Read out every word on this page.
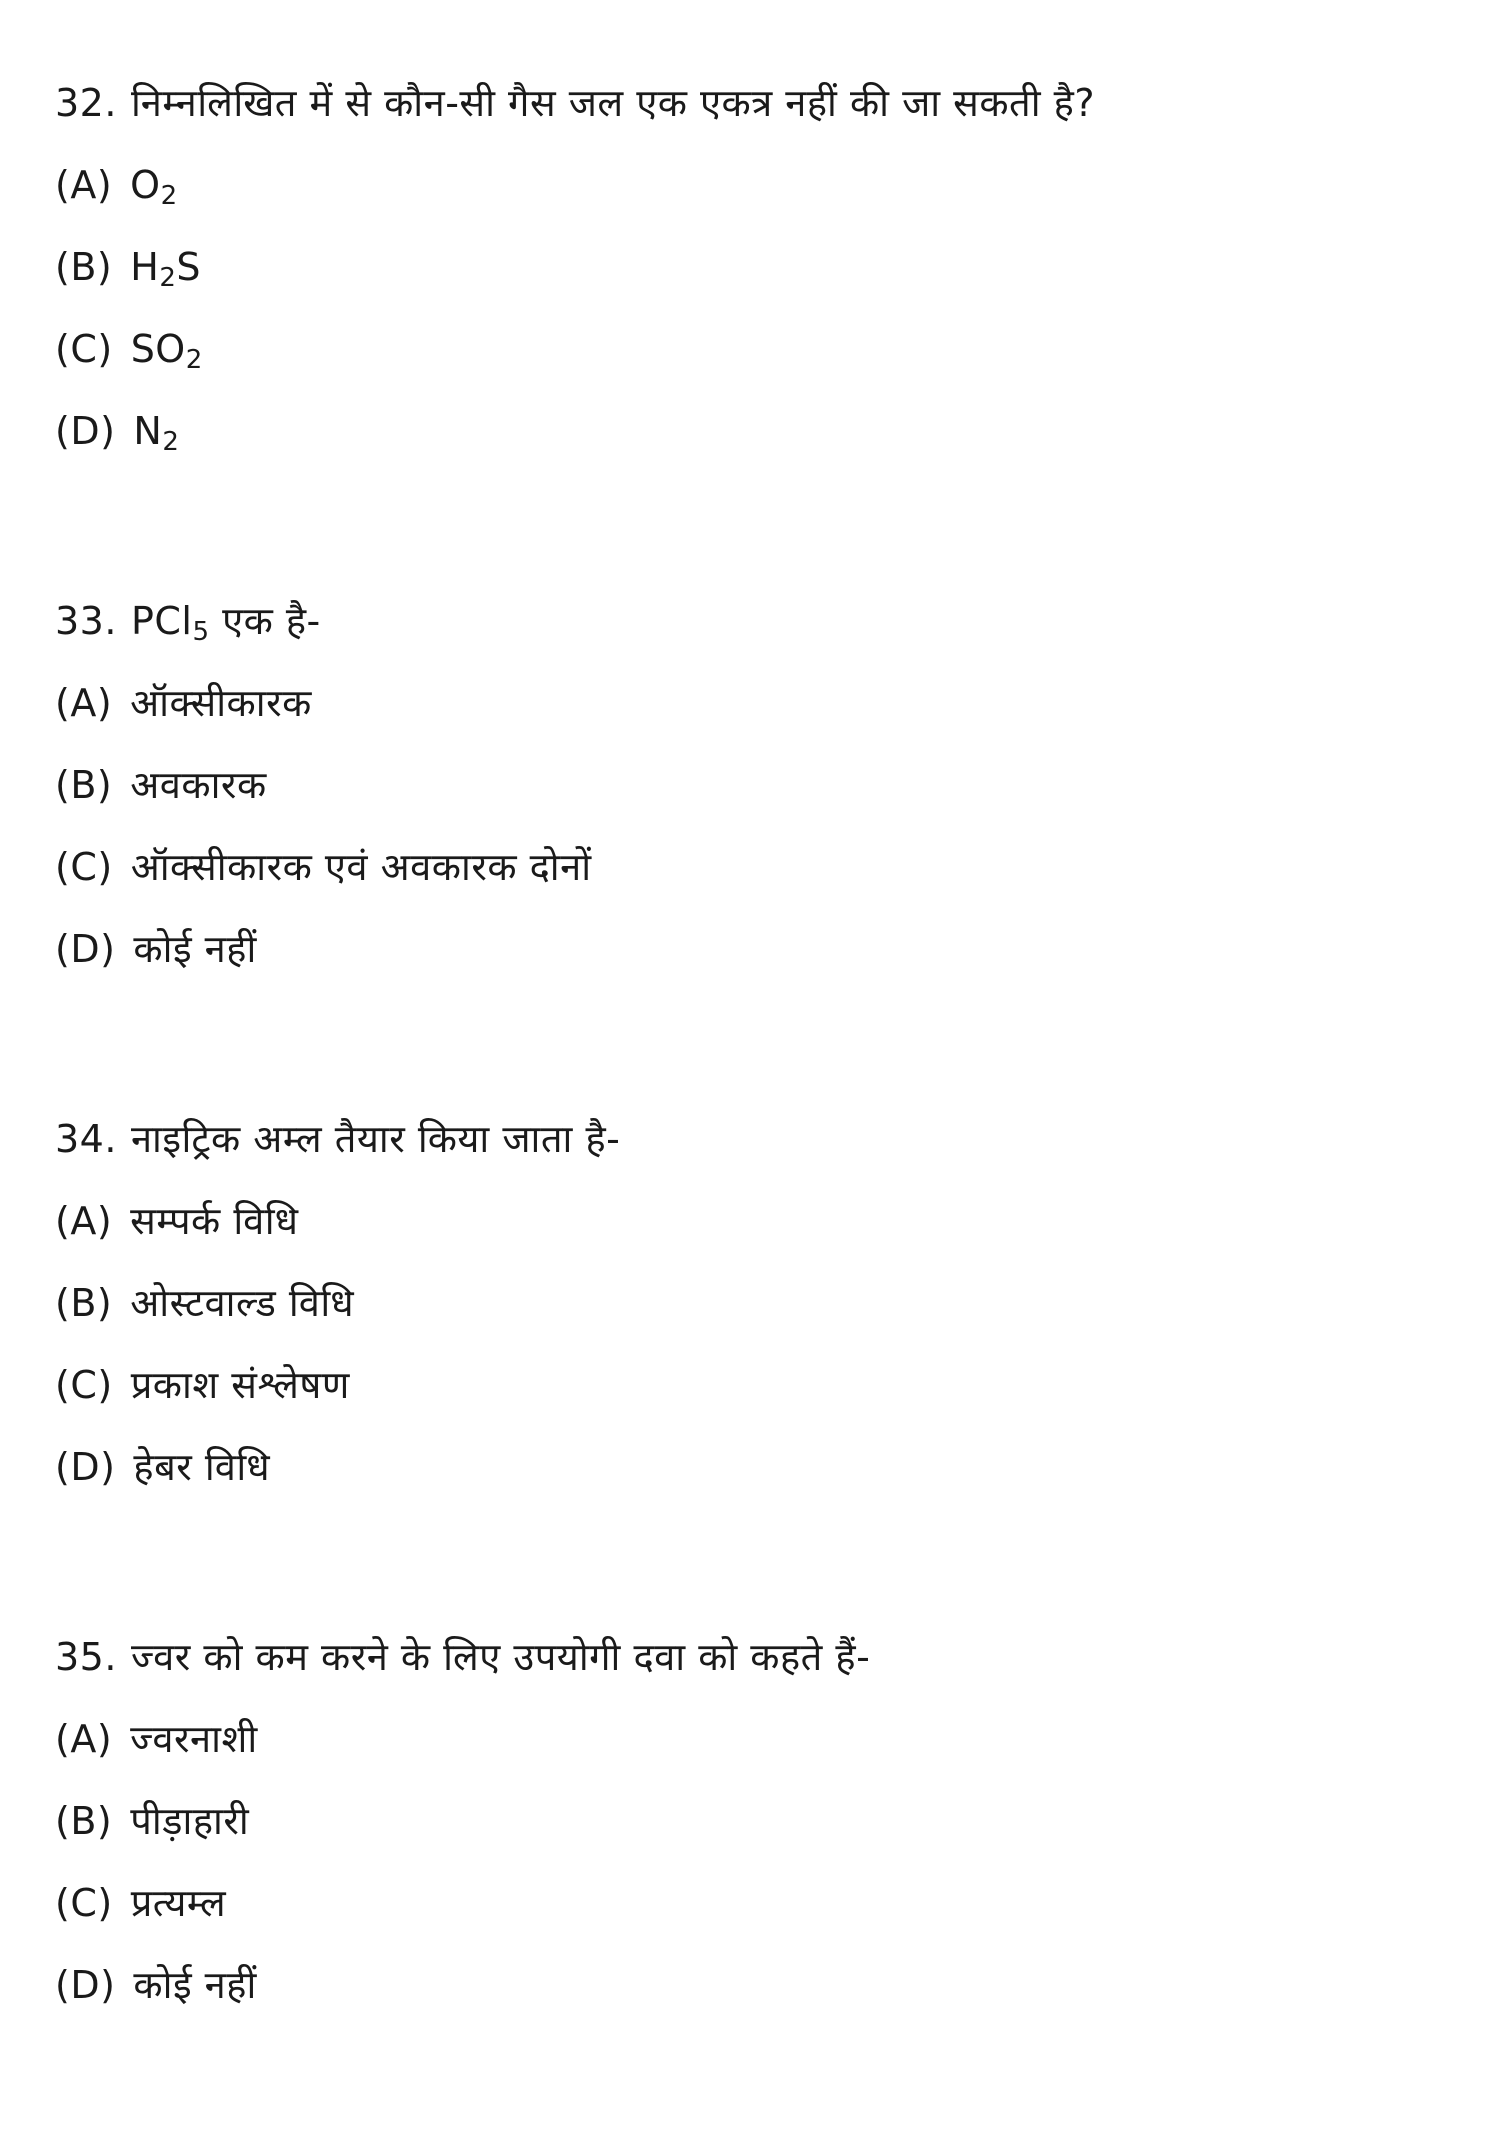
32. निम्नलिखित में से कौन-सी गैस जल एक एकत्र नहीं की जा सकती है?
(A) $O_2$
(B) $H_2S$
(C) $SO_2$
(D) $N_2$
33. PCl$_5$ एक है-
(A) ऑक्सीकारक
(B) अवकारक
(C) ऑक्सीकारक एवं अवकारक दोनों
(D) कोई नहीं
34. नाइट्रिक अम्ल तैयार किया जाता है-
(A) सम्पर्क विधि
(B) ओस्टवाल्ड विधि
(C) प्रकाश संश्लेषण
(D) हेबर विधि
35. ज्वर को कम करने के लिए उपयोगी दवा को कहते हैं-
(A) ज्वरनाशी
(B) पीड़ाहारी
(C) प्रत्यम्ल
(D) कोई नहीं
